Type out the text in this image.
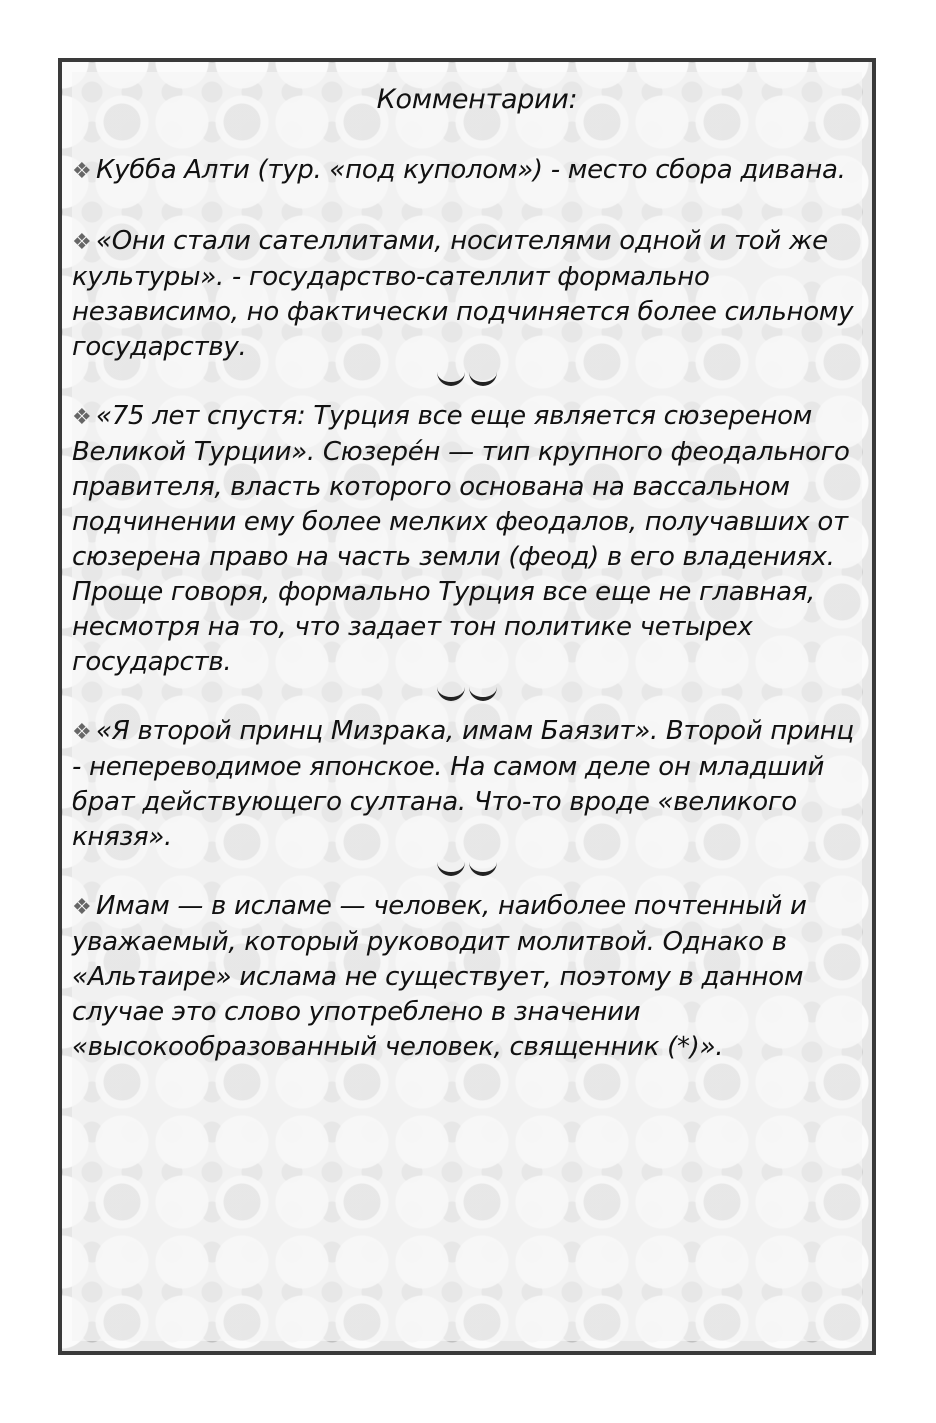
Комментарии:

❖ Кубба Алти (тур. «под куполом») - место сбора дивана.

❖ «Они стали сателлитами, носителями одной и той же культуры». - государство-сателлит формально независимо, но фактически подчиняется более сильному государству.

❖ «75 лет спустя: Турция все еще является сюзереном Великой Турции». Сюзерéн — тип крупного феодального правителя, власть которого основана на вассальном подчинении ему более мелких феодалов, получавших от сюзерена право на часть земли (феод) в его владениях. Проще говоря, формально Турция все еще не главная, несмотря на то, что задает тон политике четырех государств.

❖ «Я второй принц Мизрака, имам Баязит». Второй принц - непереводимое японское. На самом деле он младший брат действующего султана. Что-то вроде «великого князя».

❖ Имам — в исламе — человек, наиболее почтенный и уважаемый, который руководит молитвой. Однако в «Альтаире» ислама не существует, поэтому в данном случае это слово употреблено в значении «высокообразованный человек, священник (*)».
